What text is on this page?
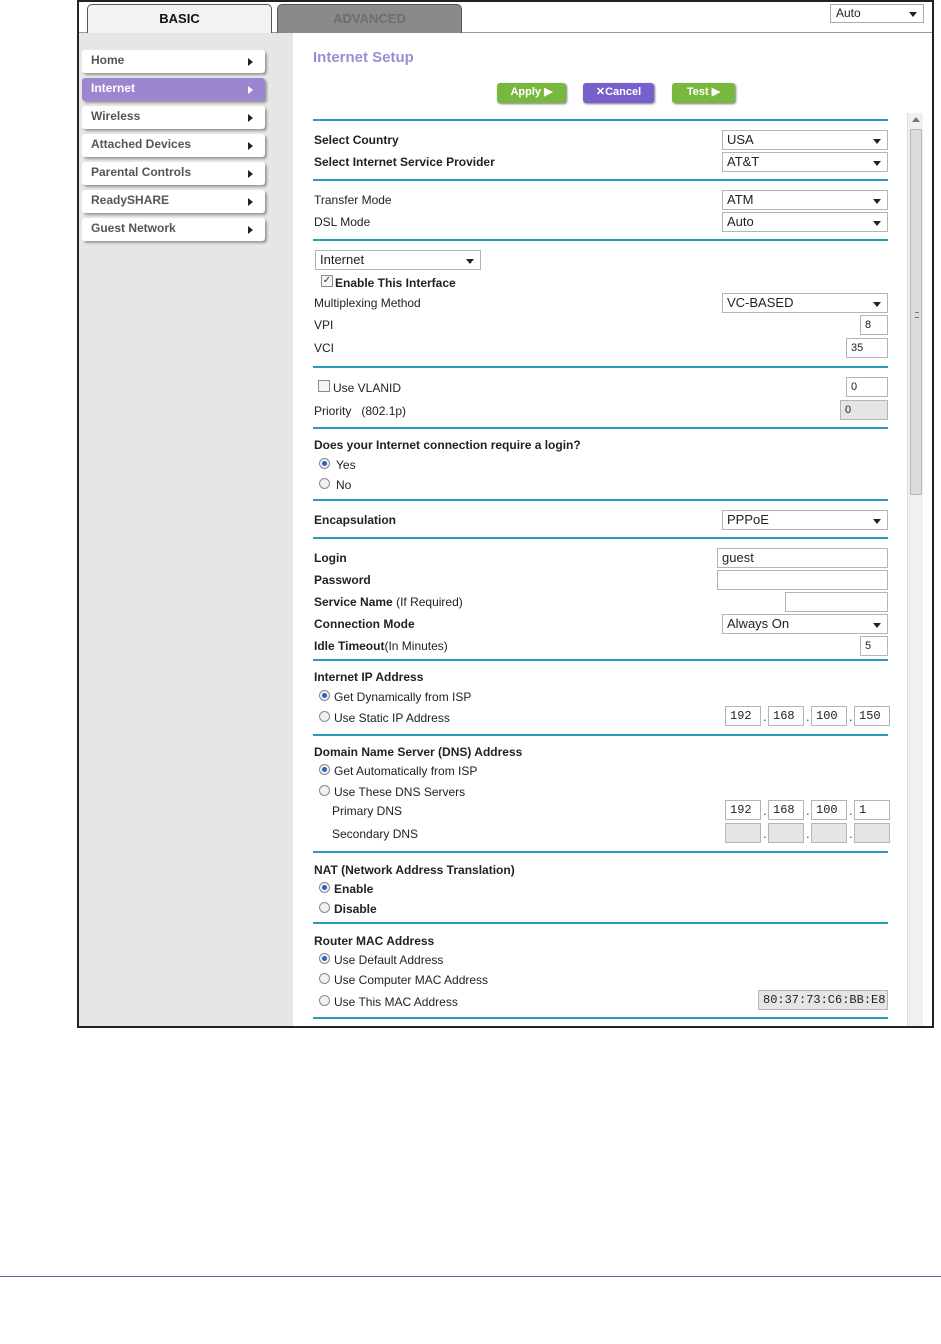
BASIC	ADVANCED	Auto
Home
Internet
Wireless
Attached Devices
Parental Controls
ReadySHARE
Guest Network
Internet Setup
Apply ▶	✕Cancel	Test ▶
Select Country	USA
Select Internet Service Provider	AT&T
Transfer Mode	ATM
DSL Mode	Auto
Internet
✓ Enable This Interface
Multiplexing Method	VC-BASED
VPI	8
VCI	35
Use VLANID	0
Priority (802.1p)	0
Does your Internet connection require a login?
Yes
No
Encapsulation	PPPoE
Login	guest
Password
Service Name (If Required)
Connection Mode	Always On
Idle Timeout(In Minutes)	5
Internet IP Address
Get Dynamically from ISP
Use Static IP Address	192 . 168 . 100 . 150
Domain Name Server (DNS) Address
Get Automatically from ISP
Use These DNS Servers
Primary DNS	192 . 168 . 100 . 1
Secondary DNS	.	.	.
NAT (Network Address Translation)
Enable
Disable
Router MAC Address
Use Default Address
Use Computer MAC Address
Use This MAC Address	80:37:73:C6:BB:E8
